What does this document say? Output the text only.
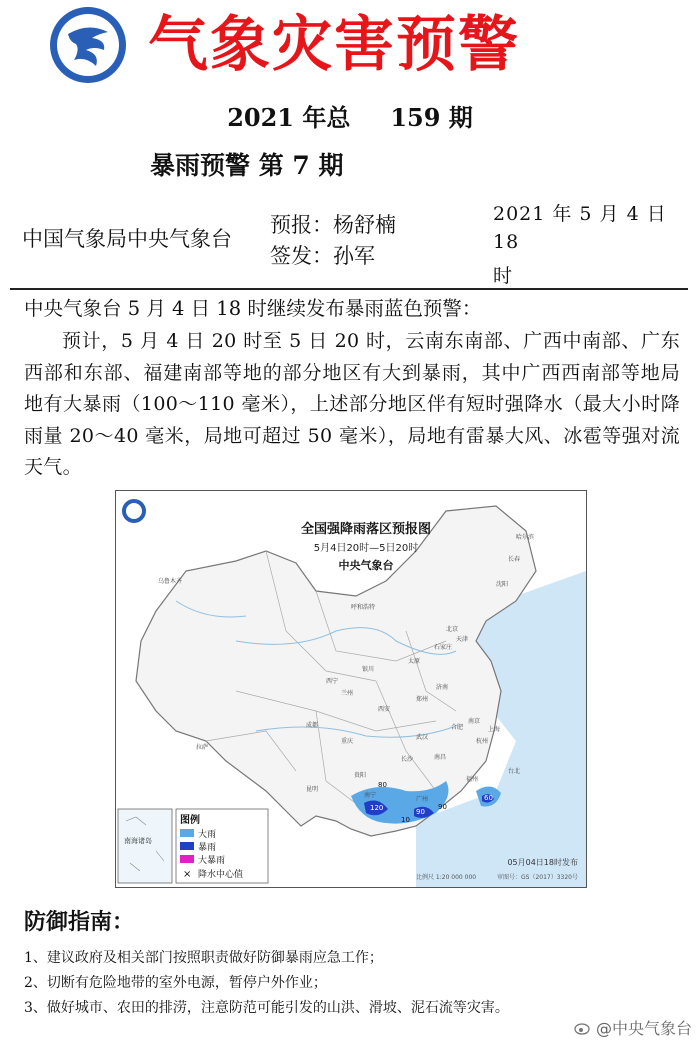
气象灾害预警
2021 年总 159 期
暴雨预警 第 7 期
中国气象局中央气象台
预报：杨舒楠
签发：孙军
2021 年 5 月 4 日 18
时
中央气象台 5 月 4 日 18 时继续发布暴雨蓝色预警：
预计，5 月 4 日 20 时至 5 日 20 时，云南东南部、广西中南部、广东西部和东部、福建南部等地的部分地区有大到暴雨，其中广西西南部等地局地有大暴雨（100～110 毫米），上述部分地区伴有短时强降水（最大小时降雨量 20～40 毫米，局地可超过 50 毫米），局地有雷暴大风、冰雹等强对流天气。
全国强降雨落区预报图
5月4日20时—5日20时
中央气象台
图例
大雨
暴雨
大暴雨
× 降水中心值
南海诸岛
05月04日18时发布
比例尺 1:20 000 000	审图号：GS（2017）3320号
120	90
10
90
60
80
乌鲁木齐
呼和浩特
北京
天津
石家庄
太原
银川
西宁
兰州
西安
郑州
济南
南京
合肥
武汉
上海
杭州
长沙	南昌
福州
贵阳
昆明
南宁
广州
台北
拉萨
成都
重庆
沈阳
长春
哈尔滨
防御指南：
1、建议政府及相关部门按照职责做好防御暴雨应急工作；
2、切断有危险地带的室外电源，暂停户外作业；
3、做好城市、农田的排涝，注意防范可能引发的山洪、滑坡、泥石流等灾害。
@中央气象台
